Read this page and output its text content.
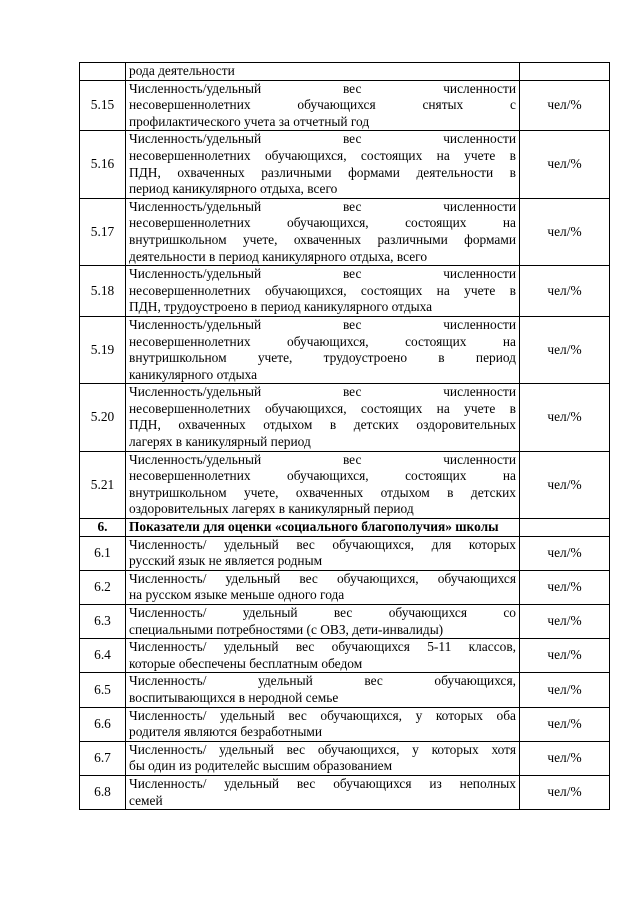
	рода деятельности	

5.15	Численность/удельный вес численности
несовершеннолетних обучающихся снятых с
профилактического учета за отчетный год	чел/%
5.16	Численность/удельный вес численности
несовершеннолетних обучающихся, состоящих на учете в
ПДН, охваченных различными формами деятельности в
период каникулярного отдыха, всего	чел/%
5.17	Численность/удельный вес численности
несовершеннолетних обучающихся, состоящих на
внутришкольном учете, охваченных различными формами
деятельности в период каникулярного отдыха, всего	чел/%
5.18	Численность/удельный вес численности
несовершеннолетних обучающихся, состоящих на учете в
ПДН, трудоустроено в период каникулярного отдыха	чел/%
5.19	Численность/удельный вес численности
несовершеннолетних обучающихся, состоящих на
внутришкольном учете, трудоустроено в период
каникулярного отдыха	чел/%
5.20	Численность/удельный вес численности
несовершеннолетних обучающихся, состоящих на учете в
ПДН, охваченных отдыхом в детских оздоровительных
лагерях в каникулярный период	чел/%
5.21	Численность/удельный вес численности
несовершеннолетних обучающихся, состоящих на
внутришкольном учете, охваченных отдыхом в детских
оздоровительных лагерях в каникулярный период	чел/%
6.	Показатели для оценки «социального благополучия» школы	

6.1	Численность/ удельный вес обучающихся, для которых
русский язык не является родным	чел/%
6.2	Численность/ удельный вес обучающихся, обучающихся
на русском языке меньше одного года	чел/%
6.3	Численность/ удельный вес обучающихся со
специальными потребностями (с ОВЗ, дети-инвалиды)	чел/%
6.4	Численность/ удельный вес обучающихся 5-11 классов,
которые обеспечены бесплатным обедом	чел/%
6.5	Численность/ удельный вес обучающихся,
воспитывающихся в неродной семье	чел/%
6.6	Численность/ удельный вес обучающихся, у которых оба
родителя являются безработными	чел/%
6.7	Численность/ удельный вес обучающихся, у которых хотя
бы один из родителейс высшим образованием	чел/%
6.8	Численность/ удельный вес обучающихся из неполных
семей	чел/%
